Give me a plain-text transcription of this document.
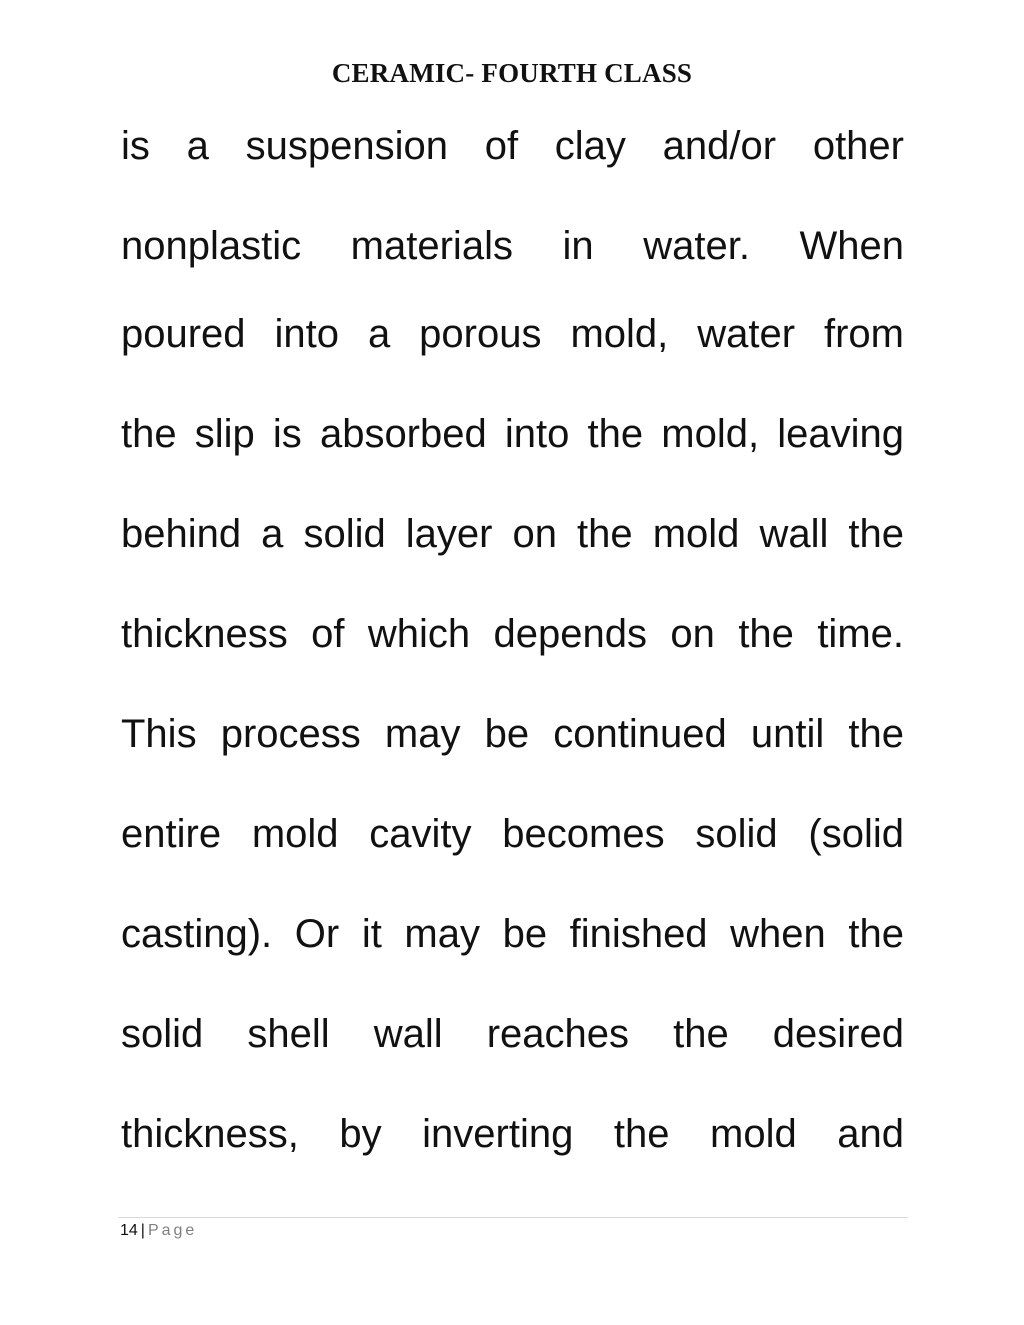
CERAMIC- FOURTH CLASS
is a suspension of clay and/or other
nonplastic materials in water. When
poured into a porous mold, water from
the slip is absorbed into the mold, leaving
behind a solid layer on the mold wall the
thickness of which depends on the time.
This process may be continued until the
entire mold cavity becomes solid (solid
casting). Or it may be finished when the
solid shell wall reaches the desired
thickness, by inverting the mold and
14 | Page
